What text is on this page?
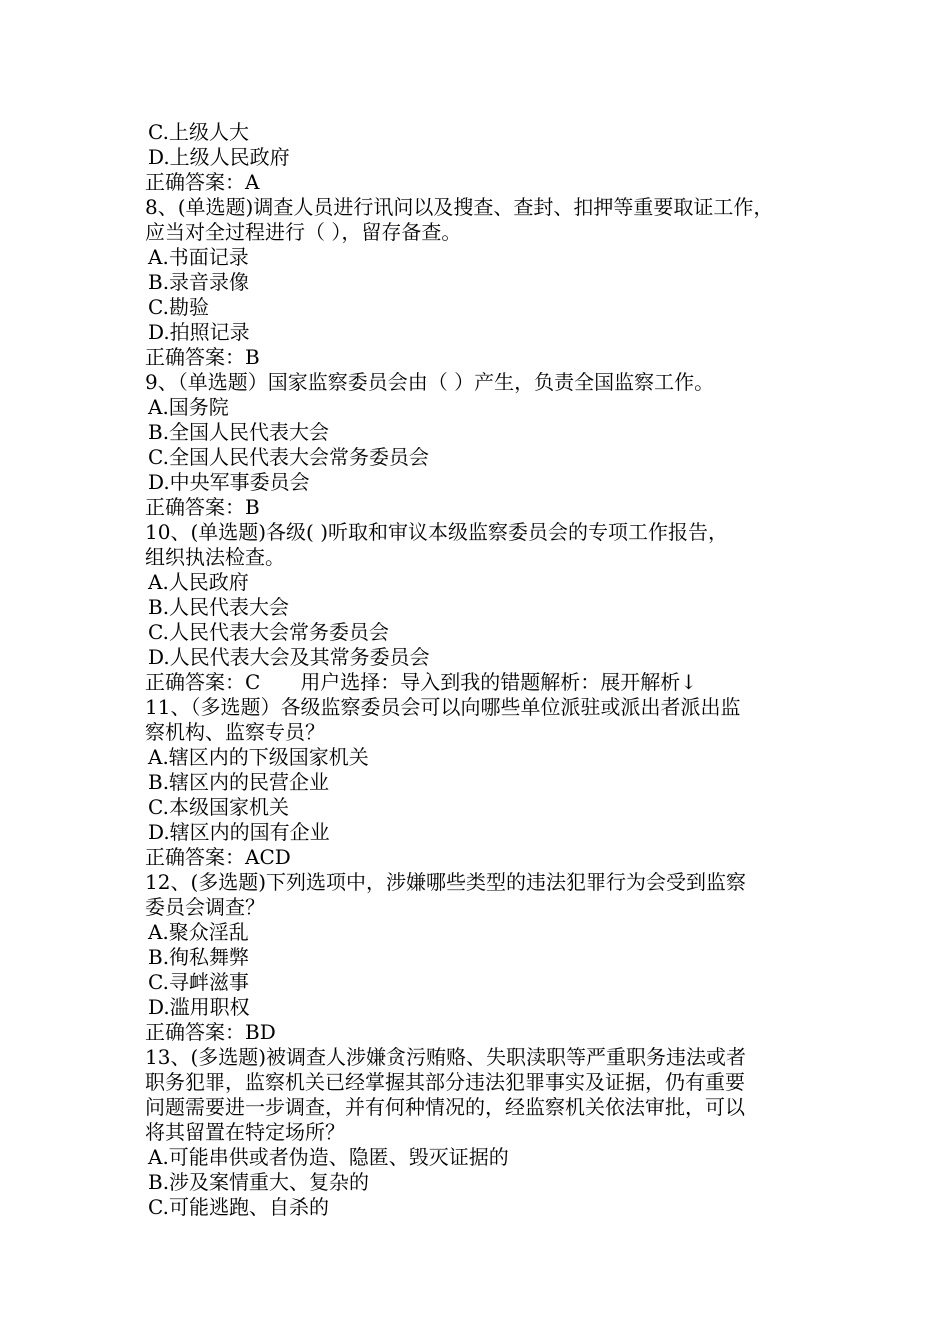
C.上级人大
D.上级人民政府
正确答案：A
8、(单选题)调查人员进行讯问以及搜查、查封、扣押等重要取证工作，
应当对全过程进行（ ），留存备查。
A.书面记录
B.录音录像
C.勘验
D.拍照记录
正确答案：B
9、（单选题）国家监察委员会由（ ）产生，负责全国监察工作。
A.国务院
B.全国人民代表大会
C.全国人民代表大会常务委员会
D.中央军事委员会
正确答案：B
10、(单选题)各级( )听取和审议本级监察委员会的专项工作报告，
组织执法检查。
A.人民政府
B.人民代表大会
C.人民代表大会常务委员会
D.人民代表大会及其常务委员会
正确答案：C 用户选择：导入到我的错题解析：展开解析↓
11、（多选题）各级监察委员会可以向哪些单位派驻或派出者派出监
察机构、监察专员？
A.辖区内的下级国家机关
B.辖区内的民营企业
C.本级国家机关
D.辖区内的国有企业
正确答案：ACD
12、(多选题)下列选项中，涉嫌哪些类型的违法犯罪行为会受到监察
委员会调查？
A.聚众淫乱
B.徇私舞弊
C.寻衅滋事
D.滥用职权
正确答案：BD
13、(多选题)被调查人涉嫌贪污贿赂、失职渎职等严重职务违法或者
职务犯罪，监察机关已经掌握其部分违法犯罪事实及证据，仍有重要
问题需要进一步调查，并有何种情况的，经监察机关依法审批，可以
将其留置在特定场所？
A.可能串供或者伪造、隐匿、毁灭证据的
B.涉及案情重大、复杂的
C.可能逃跑、自杀的
